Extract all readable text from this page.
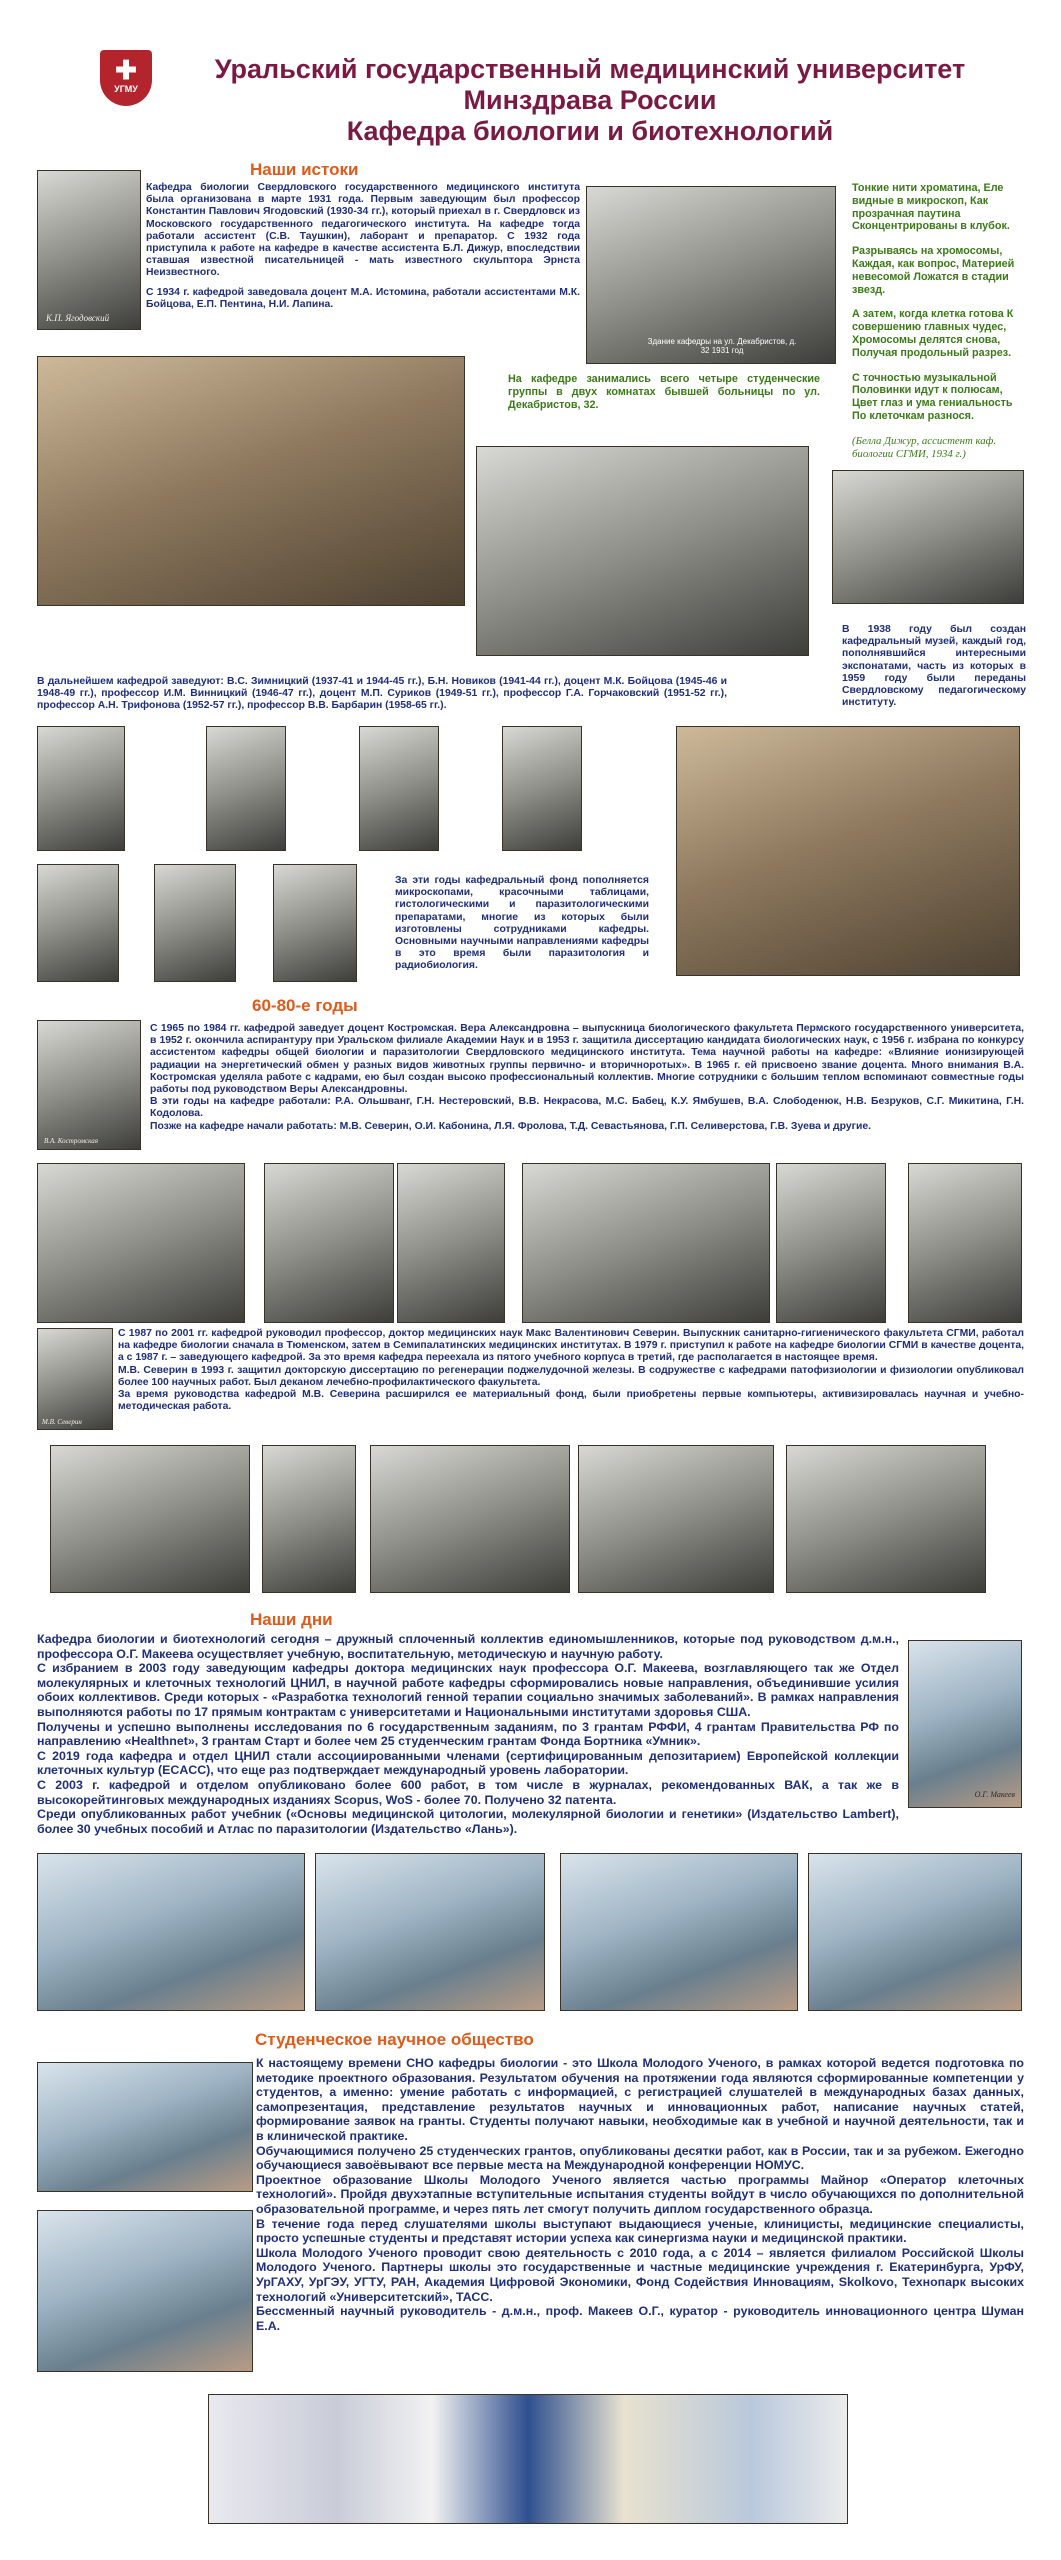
✚
УГМУ
Уральский государственный медицинский университет
Минздрава России
Кафедра биологии и биотехнологий
Наши истоки
К.П. Ягодовский

Кафедра биологии Свердловского государственного медицинского института была организована в марте 1931 года. Первым заведующим был профессор Константин Павлович Ягодовский (1930-34 гг.), который приехал в г. Свердловск из Московского государственного педагогического института. На кафедре тогда работали ассистент (С.В. Таушкин), лаборант и препаратор. С 1932 года приступила к работе на кафедре в качестве ассистента Б.Л. Дижур, впоследствии ставшая известной писательницей - мать известного скульптора Эрнста Неизвестного.

С 1934 г. кафедрой заведовала доцент М.А. Истомина, работали ассистентами М.К. Бойцова, Е.П. Пентина, Н.И. Лапина.

Здание кафедры на ул. Декабристов, д. 32 1931 год

Тонкие нити хроматина, Еле видные в микроскоп, Как прозрачная паутина Сконцентрированы в клубок.

Разрываясь на хромосомы, Каждая, как вопрос, Материей невесомой Ложатся в стадии звезд.

А затем, когда клетка готова К совершению главных чудес, Хромосомы делятся снова, Получая продольный разрез.

С точностью музыкальной Половинки идут к полюсам, Цвет глаз и ума гениальность По клеточкам разнося.

(Белла Дижур, ассистент каф. биологии СГМИ, 1934 г.)

На кафедре занимались всего четыре студенческие группы в двух комнатах бывшей больницы по ул. Декабристов, 32.
В 1938 году был создан кафедральный музей, каждый год, пополнявшийся интересными экспонатами, часть из которых в 1959 году были переданы Свердловскому педагогическому институту.
В дальнейшем кафедрой заведуют: В.С. Зимницкий (1937-41 и 1944-45 гг.), Б.Н. Новиков (1941-44 гг.), доцент М.К. Бойцова (1945-46 и 1948-49 гг.), профессор И.М. Винницкий (1946-47 гг.), доцент М.П. Суриков (1949-51 гг.), профессор Г.А. Горчаковский (1951-52 гг.), профессор А.Н. Трифонова (1952-57 гг.), профессор В.В. Барбарин (1958-65 гг.).
За эти годы кафедральный фонд пополняется микроскопами, красочными таблицами, гистологическими и паразитологическими препаратами, многие из которых были изготовлены сотрудниками кафедры. Основными научными направлениями кафедры в это время были паразитология и радиобиология.
60-80-е годы
В.А. Костромская

С 1965 по 1984 гг. кафедрой заведует доцент Костромская. Вера Александровна – выпускница биологического факультета Пермского государственного университета, в 1952 г. окончила аспирантуру при Уральском филиале Академии Наук и в 1953 г. защитила диссертацию кандидата биологических наук, с 1956 г. избрана по конкурсу ассистентом кафедры общей биологии и паразитологии Свердловского медицинского института. Тема научной работы на кафедре: «Влияние ионизирующей радиации на энергетический обмен у разных видов животных группы первично- и вторичноротых». В 1965 г. ей присвоено звание доцента. Много внимания В.А. Костромская уделяла работе с кадрами, ею был создан высоко профессиональный коллектив. Многие сотрудники с большим теплом вспоминают совместные годы работы под руководством Веры Александровны.

В эти годы на кафедре работали: Р.А. Ольшванг, Г.Н. Нестеровский, В.В. Некрасова, М.С. Бабец, К.У. Ямбушев, В.А. Слободенюк, Н.В. Безруков, С.Г. Микитина, Г.Н. Кодолова.

Позже на кафедре начали работать: М.В. Северин, О.И. Кабонина, Л.Я. Фролова, Т.Д. Севастьянова, Г.П. Селиверстова, Г.В. Зуева и другие.

М.В. Северин

С 1987 по 2001 гг. кафедрой руководил профессор, доктор медицинских наук Макс Валентинович Северин. Выпускник санитарно-гигиенического факультета СГМИ, работал на кафедре биологии сначала в Тюменском, затем в Семипалатинских медицинских институтах. В 1979 г. приступил к работе на кафедре биологии СГМИ в качестве доцента, а с 1987 г. – заведующего кафедрой. За это время кафедра переехала из пятого учебного корпуса в третий, где располагается в настоящее время.

М.В. Северин в 1993 г. защитил докторскую диссертацию по регенерации поджелудочной железы. В содружестве с кафедрами патофизиологии и физиологии опубликовал более 100 научных работ. Был деканом лечебно-профилактического факультета.

За время руководства кафедрой М.В. Северина расширился ее материальный фонд, были приобретены первые компьютеры, активизировалась научная и учебно-методическая работа.

Наши дни

Кафедра биологии и биотехнологий сегодня – дружный сплоченный коллектив единомышленников, которые под руководством д.м.н., профессора О.Г. Макеева осуществляет учебную, воспитательную, методическую и научную работу.

С избранием в 2003 году заведующим кафедры доктора медицинских наук профессора О.Г. Макеева, возглавляющего так же Отдел молекулярных и клеточных технологий ЦНИЛ, в научной работе кафедры сформировались новые направления, объединившие усилия обоих коллективов. Среди которых - «Разработка технологий генной терапии социально значимых заболеваний». В рамках направления выполняются работы по 17 прямым контрактам с университетами и Национальными институтами здоровья США.

Получены и успешно выполнены исследования по 6 государственным заданиям, по 3 грантам РФФИ, 4 грантам Правительства РФ по направлению «Healthnet», 3 грантам Старт и более чем 25 студенческим грантам Фонда Бортника «Умник».

С 2019 года кафедра и отдел ЦНИЛ стали ассоциированными членами (сертифицированным депозитарием) Европейской коллекции клеточных культур (ECACC), что еще раз подтверждает международный уровень лаборатории.

С 2003 г. кафедрой и отделом опубликовано более 600 работ, в том числе в журналах, рекомендованных ВАК, а так же в высокорейтинговых международных изданиях Scopus, WoS - более 70. Получено 32 патента.

Среди опубликованных работ учебник («Основы медицинской цитологии, молекулярной биологии и генетики» (Издательство Lambert), более 30 учебных пособий и Атлас по паразитологии (Издательство «Лань»).

О.Г. Макеев
Студенческое научное общество

К настоящему времени СНО кафедры биологии - это Школа Молодого Ученого, в рамках которой ведется подготовка по методике проектного образования. Результатом обучения на протяжении года являются сформированные компетенции у студентов, а именно: умение работать с информацией, с регистрацией слушателей в международных базах данных, самопрезентация, представление результатов научных и инновационных работ, написание научных статей, формирование заявок на гранты. Студенты получают навыки, необходимые как в учебной и научной деятельности, так и в клинической практике.

Обучающимися получено 25 студенческих грантов, опубликованы десятки работ, как в России, так и за рубежом. Ежегодно обучающиеся завоёвывают все первые места на Международной конференции НОМУС.

Проектное образование Школы Молодого Ученого является частью программы Майнор «Оператор клеточных технологий». Пройдя двухэтапные вступительные испытания студенты войдут в число обучающихся по дополнительной образовательной программе, и через пять лет смогут получить диплом государственного образца.

В течение года перед слушателями школы выступают выдающиеся ученые, клиницисты, медицинские специалисты, просто успешные студенты и представят истории успеха как синергизма науки и медицинской практики.

Школа Молодого Ученого проводит свою деятельность с 2010 года, а с 2014 – является филиалом Российской Школы Молодого Ученого. Партнеры школы это государственные и частные медицинские учреждения г. Екатеринбурга, УрФУ, УрГАХУ, УрГЭУ, УГТУ, РАН, Академия Цифровой Экономики, Фонд Содействия Инновациям, Skolkovo, Технопарк высоких технологий «Университетский», ТАСС.

Бессменный научный руководитель - д.м.н., проф. Макеев О.Г., куратор - руководитель инновационного центра Шуман Е.А.
